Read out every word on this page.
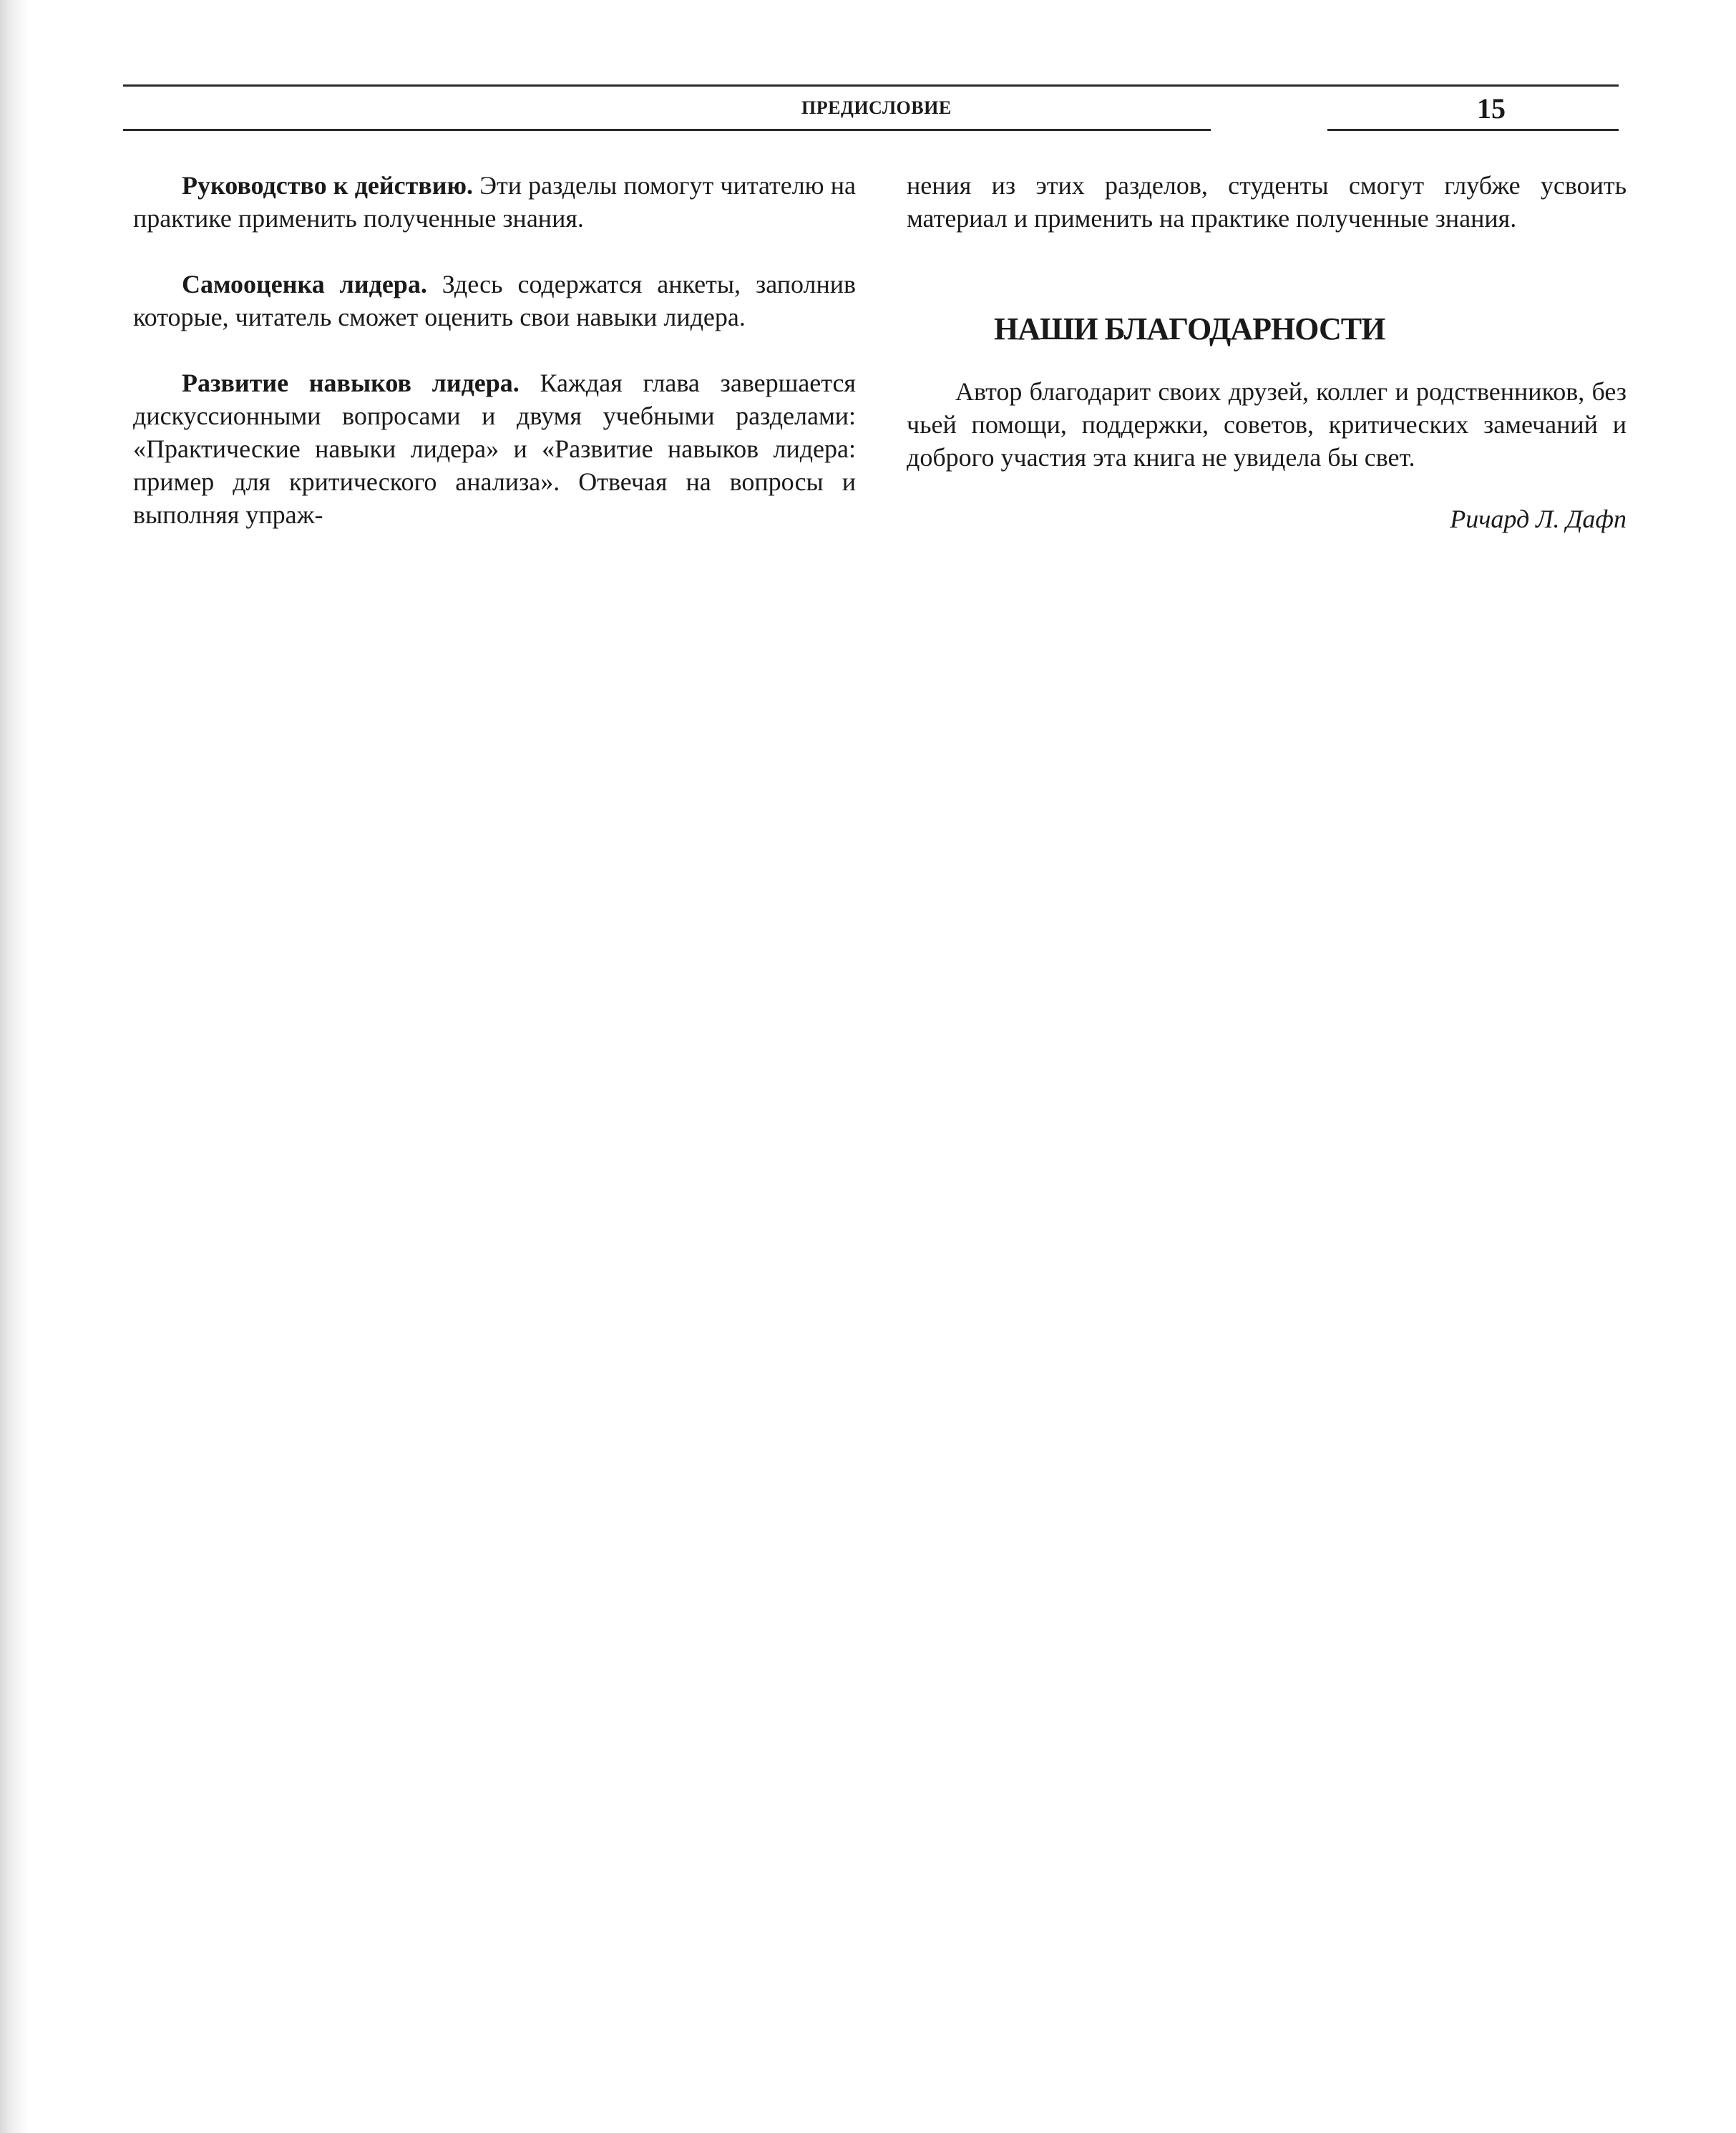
ПРЕДИСЛОВИЕ	15

Руководство к действию. Эти разделы помогут читателю на практике применить полученные знания.

Самооценка лидера. Здесь содержатся анкеты, заполнив которые, читатель сможет оценить свои навыки лидера.

Развитие навыков лидера. Каждая глава завершается дискуссионными вопросами и двумя учебными разделами: «Практические навыки лидера» и «Развитие навыков лидера: пример для критического анализа». Отвечая на вопросы и выполняя упраж-

нения из этих разделов, студенты смогут глубже усвоить материал и применить на практике полученные знания.

НАШИ БЛАГОДАРНОСТИ

Автор благодарит своих друзей, коллег и родственников, без чьей помощи, поддержки, советов, критических замечаний и доброго участия эта книга не увидела бы свет.

Ричард Л. Дафп
